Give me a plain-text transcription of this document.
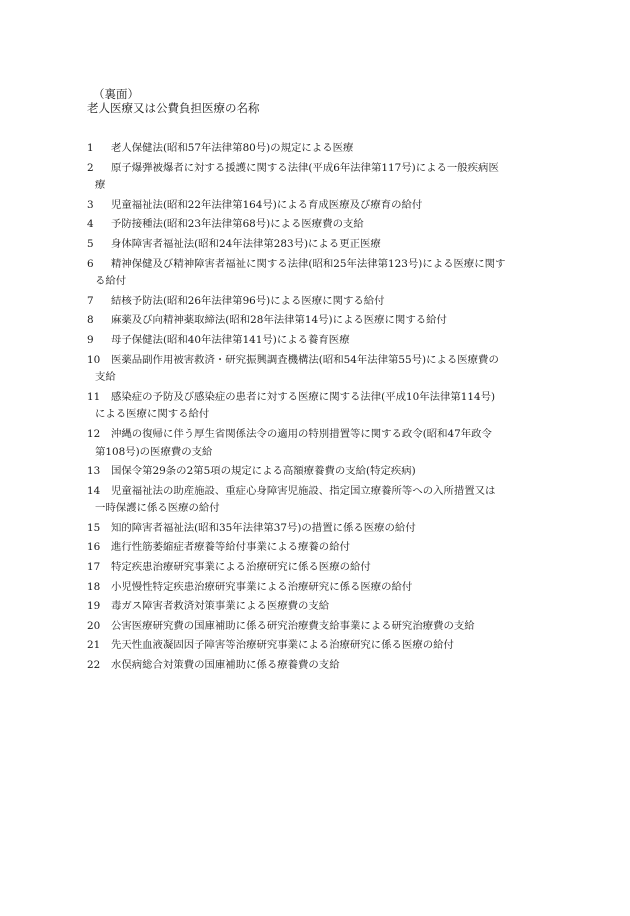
（裏面）
老人医療又は公費負担医療の名称
1	老人保健法(昭和57年法律第80号)の規定による医療
2	原子爆弾被爆者に対する援護に関する法律(平成6年法律第117号)による一般疾病医
療
3	児童福祉法(昭和22年法律第164号)による育成医療及び療育の給付
4	予防接種法(昭和23年法律第68号)による医療費の支給
5	身体障害者福祉法(昭和24年法律第283号)による更正医療
6	精神保健及び精神障害者福祉に関する法律(昭和25年法律第123号)による医療に関す
る給付
7	結核予防法(昭和26年法律第96号)による医療に関する給付
8	麻薬及び向精神薬取締法(昭和28年法律第14号)による医療に関する給付
9	母子保健法(昭和40年法律第141号)による養育医療
10	医薬品副作用被害救済・研究振興調査機構法(昭和54年法律第55号)による医療費の
支給
11	感染症の予防及び感染症の患者に対する医療に関する法律(平成10年法律第114号)
による医療に関する給付
12	沖縄の復帰に伴う厚生省関係法令の適用の特別措置等に関する政令(昭和47年政令
第108号)の医療費の支給
13	国保令第29条の2第5項の規定による高額療養費の支給(特定疾病)
14	児童福祉法の助産施設、重症心身障害児施設、指定国立療養所等への入所措置又は
一時保護に係る医療の給付
15	知的障害者福祉法(昭和35年法律第37号)の措置に係る医療の給付
16	進行性筋萎縮症者療養等給付事業による療養の給付
17	特定疾患治療研究事業による治療研究に係る医療の給付
18	小児慢性特定疾患治療研究事業による治療研究に係る医療の給付
19	毒ガス障害者救済対策事業による医療費の支給
20	公害医療研究費の国庫補助に係る研究治療費支給事業による研究治療費の支給
21	先天性血液凝固因子障害等治療研究事業による治療研究に係る医療の給付
22	水俣病総合対策費の国庫補助に係る療養費の支給
